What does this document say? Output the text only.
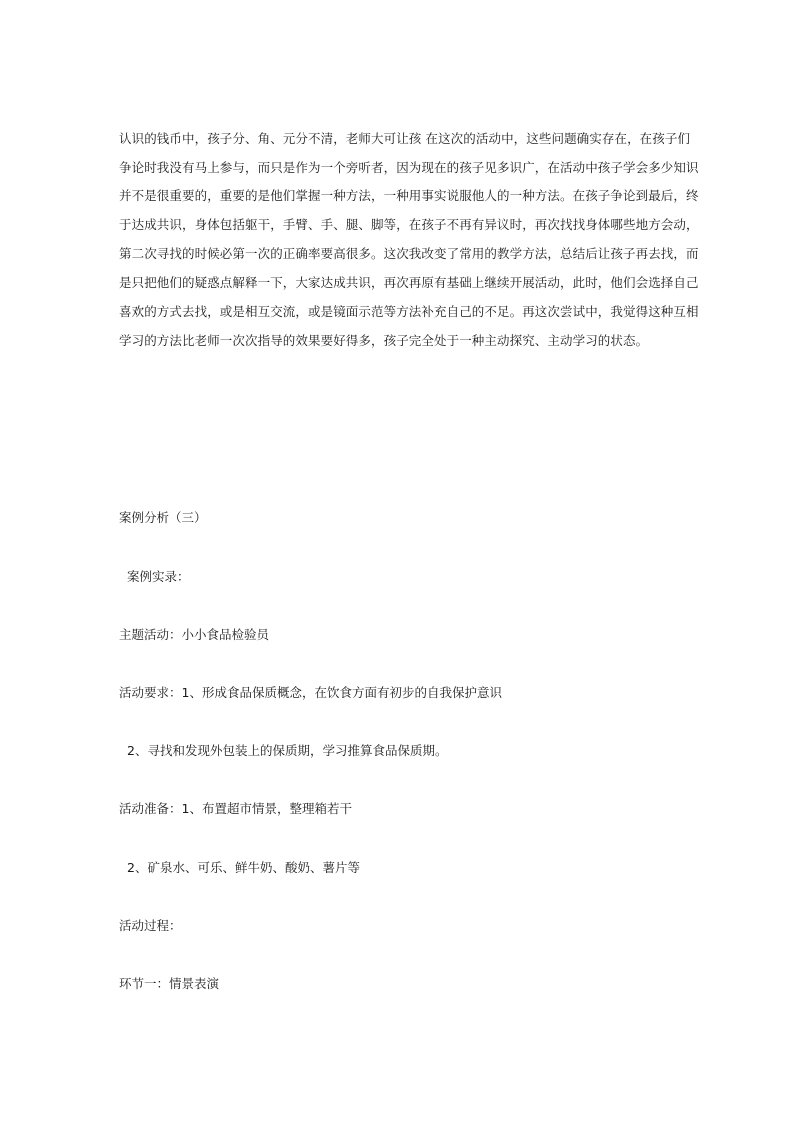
认识的钱币中，孩子分、角、元分不清，老师大可让孩 在这次的活动中，这些问题确实存在，在孩子们
争论时我没有马上参与，而只是作为一个旁听者，因为现在的孩子见多识广，在活动中孩子学会多少知识
并不是很重要的，重要的是他们掌握一种方法，一种用事实说服他人的一种方法。在孩子争论到最后，终
于达成共识，身体包括躯干，手臂、手、腿、脚等，在孩子不再有异议时，再次找找身体哪些地方会动，
第二次寻找的时候必第一次的正确率要高很多。这次我改变了常用的教学方法，总结后让孩子再去找，而
是只把他们的疑惑点解释一下，大家达成共识，再次再原有基础上继续开展活动，此时，他们会选择自己
喜欢的方式去找，或是相互交流，或是镜面示范等方法补充自己的不足。再这次尝试中，我觉得这种互相
学习的方法比老师一次次指导的效果要好得多，孩子完全处于一种主动探究、主动学习的状态。
案例分析（三）
案例实录：
主题活动：小小食品检验员
活动要求：1、形成食品保质概念，在饮食方面有初步的自我保护意识
2、寻找和发现外包装上的保质期，学习推算食品保质期。
活动准备：1、布置超市情景，整理箱若干
2、矿泉水、可乐、鲜牛奶、酸奶、薯片等
活动过程：
环节一：情景表演
